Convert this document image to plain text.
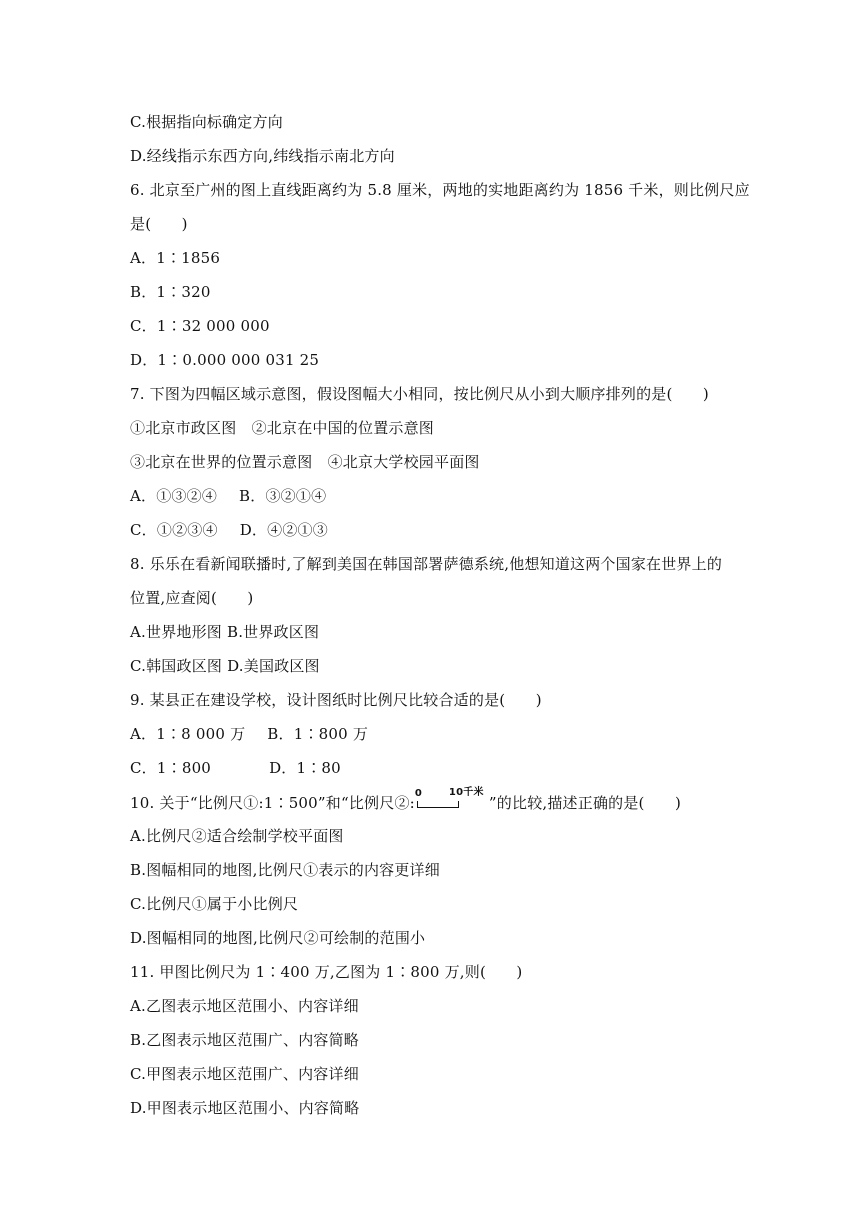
C.根据指向标确定方向
D.经线指示东西方向,纬线指示南北方向
6. 北京至广州的图上直线距离约为 5.8 厘米，两地的实地距离约为 1856 千米，则比例尺应
是(　　)
A．1∶1856
B．1∶320
C．1∶32 000 000
D．1∶0.000 000 031 25
7. 下图为四幅区域示意图，假设图幅大小相同，按比例尺从小到大顺序排列的是(　　)
①北京市政区图　②北京在中国的位置示意图
③北京在世界的位置示意图　④北京大学校园平面图
A．①③②④ B．③②①④
C．①②③④ D．④②①③
8. 乐乐在看新闻联播时,了解到美国在韩国部署萨德系统,他想知道这两个国家在世界上的
位置,应查阅(　　)
A.世界地形图 B.世界政区图
C.韩国政区图 D.美国政区图
9. 某县正在建设学校，设计图纸时比例尺比较合适的是(　　)
A．1∶8 000 万 B．1∶800 万
C．1∶800	D．1∶80
10. 关于“比例尺①:1∶500”和“比例尺②:
0	10千米
”的比较,描述正确的是(　　)
A.比例尺②适合绘制学校平面图
B.图幅相同的地图,比例尺①表示的内容更详细
C.比例尺①属于小比例尺
D.图幅相同的地图,比例尺②可绘制的范围小
11. 甲图比例尺为 1∶400 万,乙图为 1∶800 万,则(　　)
A.乙图表示地区范围小、内容详细
B.乙图表示地区范围广、内容简略
C.甲图表示地区范围广、内容详细
D.甲图表示地区范围小、内容简略
